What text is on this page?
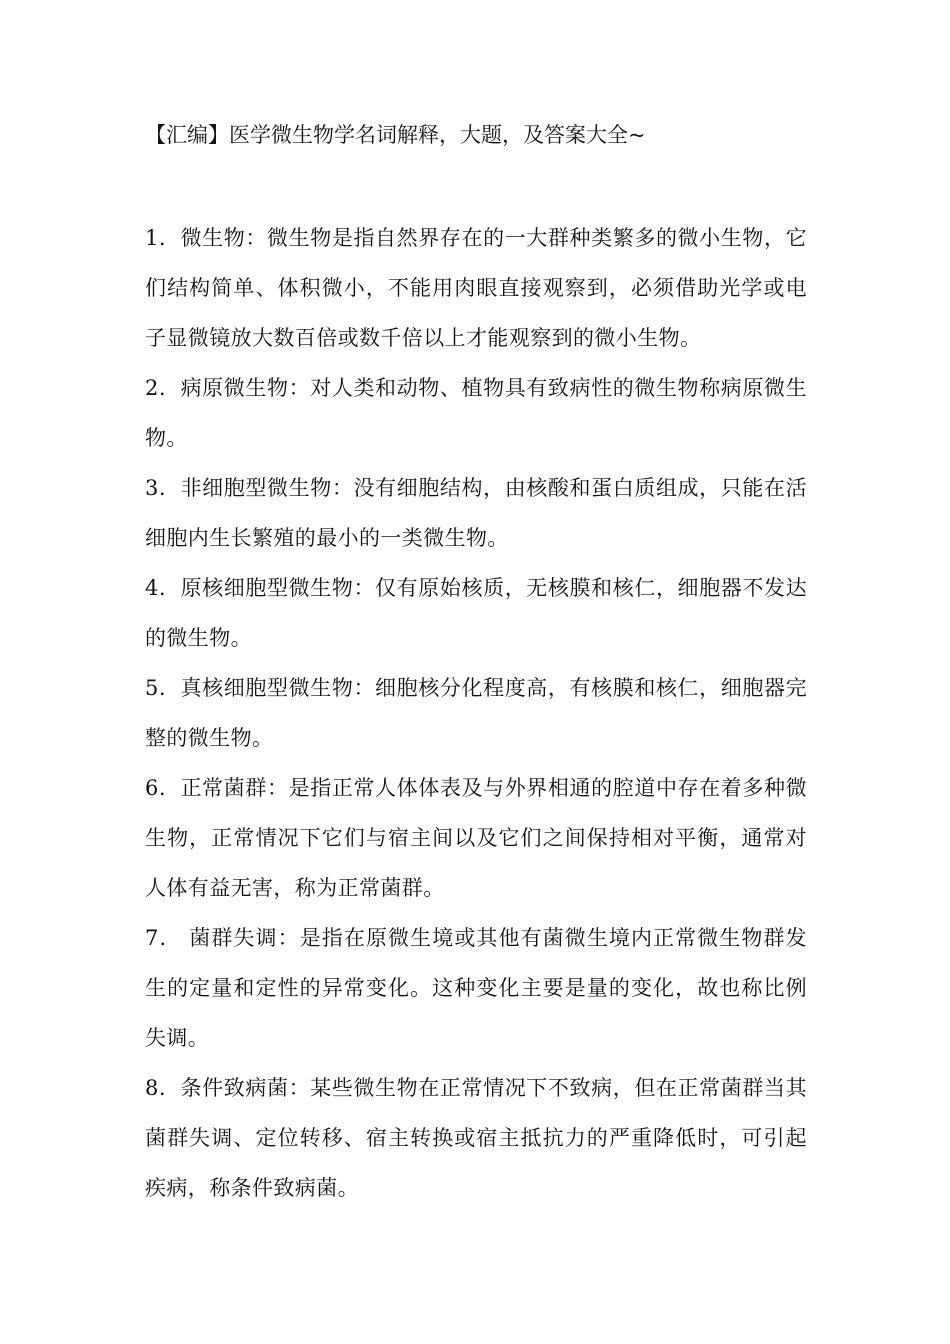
【汇编】医学微生物学名词解释，大题，及答案大全~
1．微生物：微生物是指自然界存在的一大群种类繁多的微小生物，它们结构简单、体积微小，不能用肉眼直接观察到，必须借助光学或电子显微镜放大数百倍或数千倍以上才能观察到的微小生物。
2．病原微生物：对人类和动物、植物具有致病性的微生物称病原微生物。
3．非细胞型微生物：没有细胞结构，由核酸和蛋白质组成，只能在活细胞内生长繁殖的最小的一类微生物。
4．原核细胞型微生物：仅有原始核质，无核膜和核仁，细胞器不发达的微生物。
5．真核细胞型微生物：细胞核分化程度高，有核膜和核仁，细胞器完整的微生物。
6．正常菌群：是指正常人体体表及与外界相通的腔道中存在着多种微生物，正常情况下它们与宿主间以及它们之间保持相对平衡，通常对人体有益无害，称为正常菌群。
7． 菌群失调：是指在原微生境或其他有菌微生境内正常微生物群发生的定量和定性的异常变化。这种变化主要是量的变化，故也称比例失调。
8．条件致病菌：某些微生物在正常情况下不致病，但在正常菌群当其菌群失调、定位转移、宿主转换或宿主抵抗力的严重降低时，可引起疾病，称条件致病菌。
